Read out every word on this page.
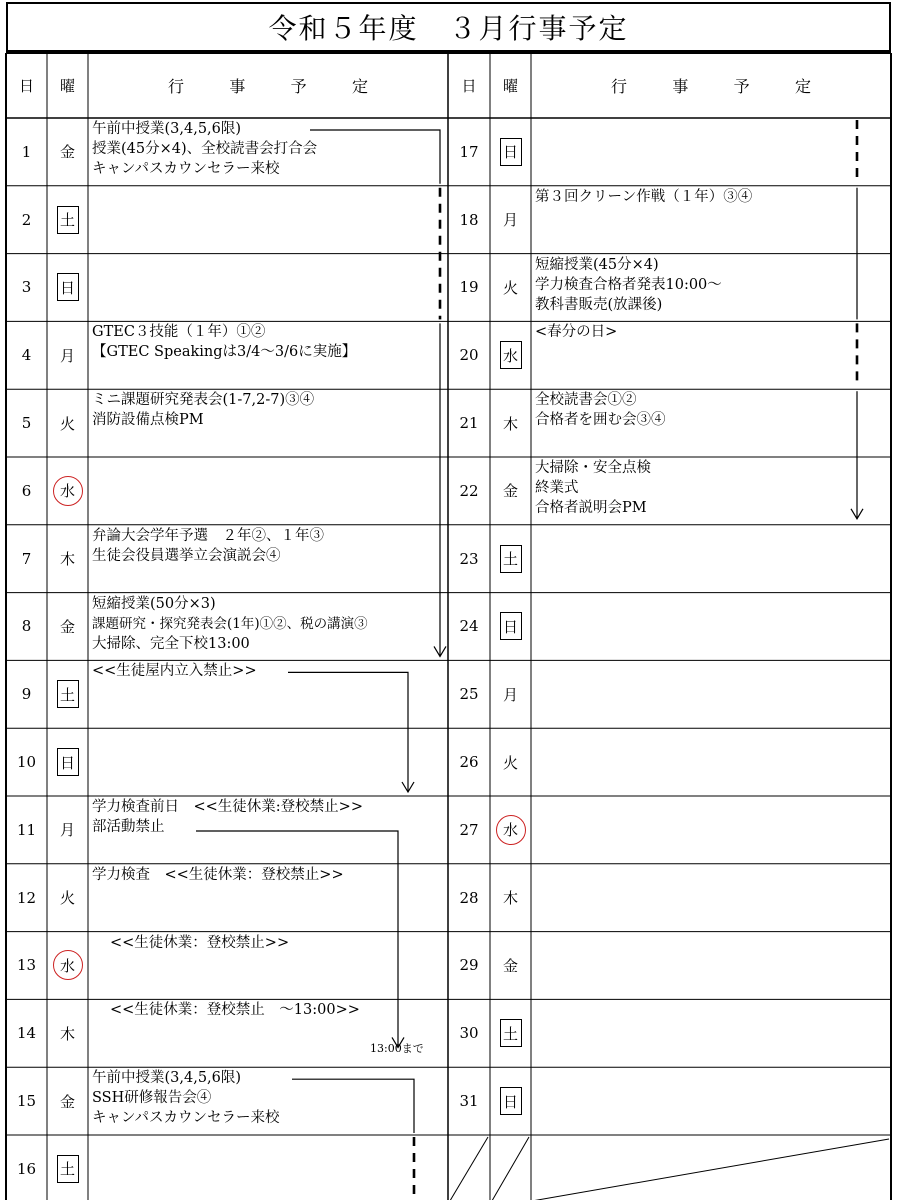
令和５年度　３月行事予定
日	曜	日	曜
行	事	予	定	行	事	予	定
1	金
午前中授業(3,4,5,6限)
授業(45分×4)、全校読書会打合会
キャンパスカウンセラー来校
2	土
3	日
4	月
GTEC３技能（１年）①②
【GTEC Speakingは3/4～3/6に実施】
5	火
ミニ課題研究発表会(1-7,2-7)③④
消防設備点検PM
6	水
7	木
弁論大会学年予選　２年②、１年③
生徒会役員選挙立会演説会④
8	金
短縮授業(50分×3)
課題研究・探究発表会(1年)①②、税の講演③
大掃除、完全下校13:00
9	土
<<生徒屋内立入禁止>>
10	日
11	月
学力検査前日　<<生徒休業:登校禁止>>
部活動禁止
12	火
学力検査　<<生徒休業：登校禁止>>
13	水
<<生徒休業：登校禁止>>
14	木
<<生徒休業：登校禁止　～13:00>>
15	金
午前中授業(3,4,5,6限)
SSH研修報告会④
キャンパスカウンセラー来校
16	土
17	日
18	月
第３回クリーン作戦（１年）③④
19	火
短縮授業(45分×4)
学力検査合格者発表10:00～
教科書販売(放課後)
20	水
<春分の日>
21	木
全校読書会①②
合格者を囲む会③④
22	金
大掃除・安全点検
終業式
合格者説明会PM
23	土
24	日
25	月
26	火
27	水
28	木
29	金
30	土
31	日
13:00まで
